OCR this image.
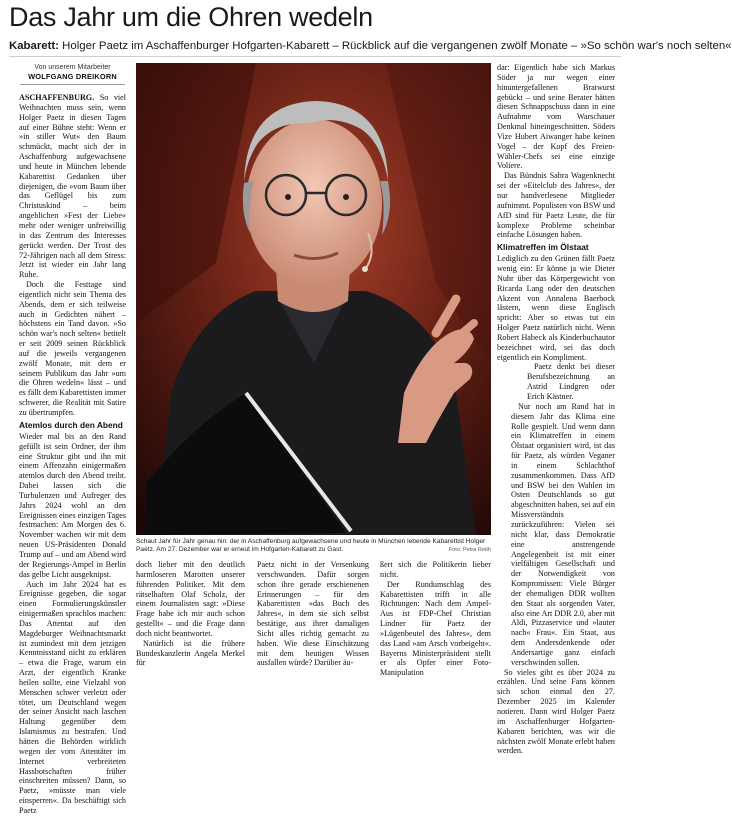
Das Jahr um die Ohren wedeln
Kabarett: Holger Paetz im Aschaffenburger Hofgarten-Kabarett – Rückblick auf die vergangenen zwölf Monate – »So schön war's noch selten«
Von unserem Mitarbeiter
WOLFGANG DREIKORN

ASCHAFFENBURG. So viel Weihnachten muss sein, wenn Holger Paetz in diesen Tagen auf einer Bühne steht: Wenn er »in stiller Wut« den Baum schmückt, macht sich der in Aschaffenburg aufgewachsene und heute in München lebende Kabarettist Gedanken über diejenigen, die »vom Baum über das Geflügel bis zum Christuskind – beim angeblichen »Fest der Liebe« mehr oder weniger unfreiwillig in das Zentrum des Interesses gerückt werden. Der Trost des 72-Jährigen nach all dem Stress: Jetzt ist wieder ein Jahr lang Ruhe.

Doch die Festtage sind eigentlich nicht sein Thema des Abends, dem er sich teilweise auch in Gedichten nähert – höchstens ein Tand davon. »So schön war's noch selten« betitelt er seit 2009 seinen Rückblick auf die jeweils vergangenen zwölf Monate, mit dem er seinem Publikum das Jahr »um die Ohren wedeln« lässt – und es fällt dem Kabarettisten immer schwerer, die Realität mit Satire zu übertrumpfen.

Atemlos durch den Abend

Wieder mal bis an den Rand gefüllt ist sein Ordner, der ihm eine Struktur gibt und ihn mit einem Affenzahn einigermaßen atemlos durch den Abend treibt. Dabei lassen sich die Turbulenzen und Aufreger des Jahrs 2024 wohl an den Ereignissen eines einzigen Tages festmachen: Am Morgen des 6. November wachen wir mit dem neuen US-Präsidenten Donald Trump auf – und am Abend wird der Regierungs-Ampel in Berlin das gelbe Licht ausgeknipst.

Auch im Jahr 2024 hat es Ereignisse gegeben, die sogar einen Formulierungskünstler einigermaßen sprachlos machen: Das Attentat auf den Magdeburger Weihnachtsmarkt ist zumindest mit dem jetzigen Kenntnisstand nicht zu erklären – etwa die Frage, warum ein Arzt, der eigentlich Kranke heilen sollte, eine Vielzahl von Menschen schwer verletzt oder tötet, um Deutschland wegen der seiner Ansicht nach laschen Haltung gegenüber dem Islamismus zu bestrafen. Und hätten die Behörden wirklich wegen der vom Attentäter im Internet verbreiteten Hassbotschaften früher einschreiten müssen? Dann, so Paetz, »müsste man viele einsperren«. Da beschäftigt sich Paetz

Schaut Jahr für Jahr genau hin: der in Aschaffenburg aufgewachsene und heute in München lebende Kabarettist Holger Paetz. Am 27. Dezember war er erneut im Hofgarten-Kabarett zu Gast.	Foto: Petra Reith

doch lieber mit den deutlich harmloseren Marotten unserer führenden Politiker. Mit dem rätselhaften Olaf Scholz, der einem Journalisten sagt: »Diese Frage habe ich mir auch schon gestellt« – und die Frage dann doch nicht beantwortet.

Natürlich ist die frühere Bundeskanzlerin Angela Merkel für

Paetz nicht in der Versenkung verschwunden. Dafür sorgen schon ihre gerade erschienenen Erinnerungen – für den Kabarettisten »das Buch des Jahres«, in dem sie sich selbst bestätige, aus ihrer damaligen Sicht alles richtig gemacht zu haben. Wie diese Einschätzung mit dem heutigen Wissen ausfallen würde? Darüber äu-

ßert sich die Politikerin lieber nicht.

Der Rundumschlag des Kabarettisten trifft in alle Richtungen: Nach dem Ampel-Aus ist FDP-Chef Christian Lindner für Paetz der »Lügenbeutel des Jahres«, dem das Land »am Arsch vorbeigeht«. Bayerns Ministerpräsident stellt er als Opfer einer Foto-Manipulation

dar: Eigentlich habe sich Markus Söder ja nur wegen einer hinuntergefallenen Bratwurst gebückt – und seine Berater hätten diesen Schnappschuss dann in eine Aufnahme vom Warschauer Denkmal hineingeschnitten. Söders Vize Hubert Aiwanger habe keinen Vogel – der Kopf des Freien-Wähler-Chefs sei eine einzige Voliere.

Das Bündnis Sahra Wagenknecht sei der »Eitelclub des Jahres«, der nur handverlesene Mitglieder aufnimmt. Populisten von BSW und AfD sind für Paetz Leute, die für komplexe Probleme scheinbar einfache Lösungen haben.

Klimatreffen im Ölstaat

Lediglich zu den Grünen fällt Paetz wenig ein: Er könne ja wie Dieter Nuhr über das Körpergewicht von Ricarda Lang oder den deutschen Akzent von Annalena Baerbock lästern, wenn diese Englisch spricht: Aber so etwas tut ein Holger Paetz natürlich nicht. Wenn Robert Habeck als Kinderbuchautor bezeichnet wird, sei das doch eigentlich ein Kompliment.

Paetz denkt bei dieser Berufsbezeichnung an Astrid Lindgren oder Erich Kästner.

Nur noch am Rand hat in diesem Jahr das Klima eine Rolle gespielt. Und wenn dann ein Klimatreffen in einem Ölstaat organisiert wird, ist das für Paetz, als würden Veganer in einem Schlachthof zusammenkommen. Dass AfD und BSW bei den Wahlen im Osten Deutschlands so gut abgeschnitten haben, sei auf ein Missverständnis zurückzuführen: Vielen sei nicht klar, dass Demokratie eine anstrengende Angelegenheit ist mit einer vielfältigen Gesellschaft und der Notwendigkeit von Kompromissen: Viele Bürger der ehemaligen DDR wollten den Staat als sorgenden Vater, also eine Art DDR 2.0, aber mit Aldi, Pizzaservice und »lauter nach« Frau«. Ein Staat, aus dem Andersdenkende oder Andersartige ganz einfach verschwinden sollen.

So vieles gibt es über 2024 zu erzählen. Und seine Fans können sich schon einmal den 27. Dezember 2025 im Kalender notieren. Dann wird Holger Paetz im Aschaffenburger Hofgarten-Kabarett berichten, was wir die nächsten zwölf Monate erlebt haben werden.
